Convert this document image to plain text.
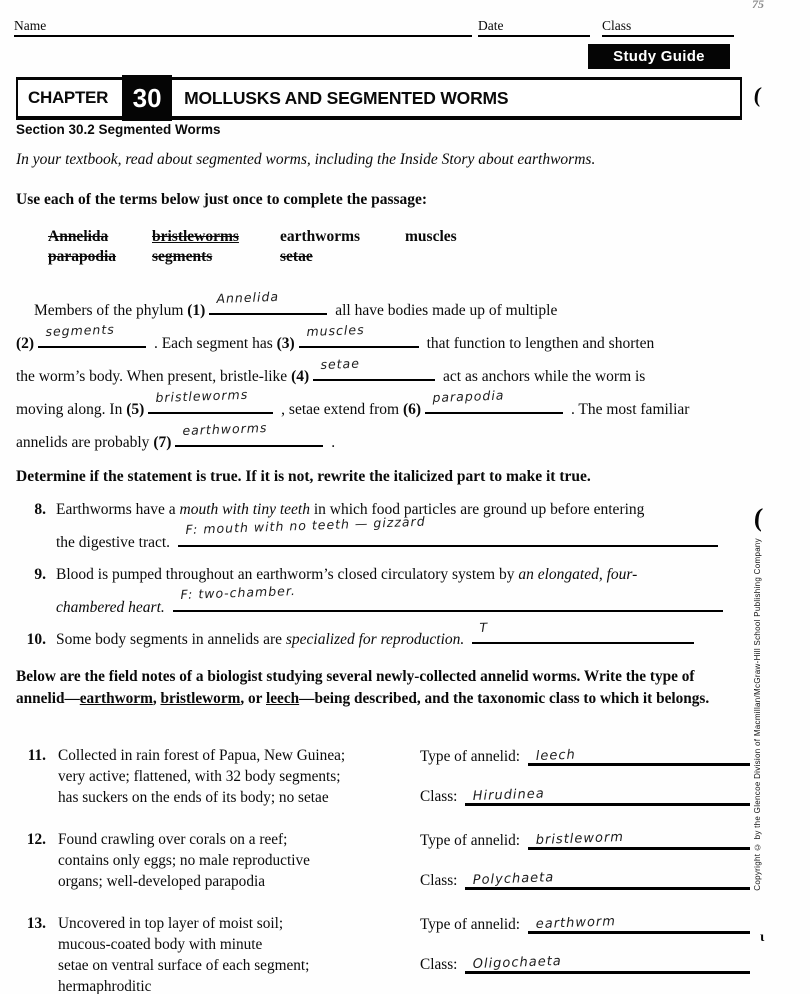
Name	Date	Class
Study Guide
CHAPTER 30	MOLLUSKS AND SEGMENTED WORMS
Section 30.2 Segmented Worms
In your textbook, read about segmented worms, including the Inside Story about earthworms.
Use each of the terms below just once to complete the passage:
Annelida	bristleworms	earthworms	muscles
parapodia	segments	setae
Members of the phylum (1)
Annelida
all have bodies made up of multiple
(2)
segments
. Each segment has (3)
muscles
that function to lengthen and shorten
the worm’s body. When present, bristle-like (4)
setae
act as anchors while the worm is
moving along. In (5)
bristleworms
, setae extend from (6)
parapodia
. The most familiar
annelids are probably (7)
earthworms
.
Determine if the statement is true. If it is not, rewrite the italicized part to make it true.
8. Earthworms have a mouth with tiny teeth in which food particles are ground up before entering
the digestive tract.
F: mouth with no teeth — gizzard
9. Blood is pumped throughout an earthworm’s closed circulatory system by an elongated, four-
chambered heart.
F: two-chamber.
10. Some body segments in annelids are specialized for reproduction.
T
Below are the field notes of a biologist studying several newly-collected annelid worms. Write the type of annelid—earthworm, bristleworm, or leech—being described, and the taxonomic class to which it belongs.
11. Collected in rain forest of Papua, New Guinea;
very active; flattened, with 32 body segments;
has suckers on the ends of its body; no setae
Type of annelid:	leech
Class:	Hirudinea
12. Found crawling over corals on a reef;
contains only eggs; no male reproductive
organs; well-developed parapodia
Type of annelid:	bristleworm
Class:	Polychaeta
13. Uncovered in top layer of moist soil;
mucous-coated body with minute
setae on ventral surface of each segment;
hermaphroditic
Type of annelid:	earthworm
Class:	Oligochaeta
Copyright © by the Glencoe Division of Macmillan/McGraw-Hill School Publishing Company
75
(
(
ɩ
